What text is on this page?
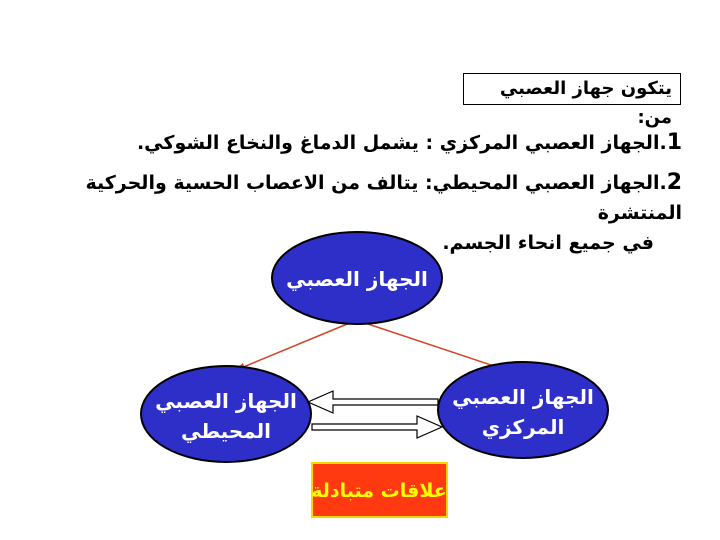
يتكون جهاز العصبي من:
1.الجهاز العصبي المركزي : يشمل الدماغ والنخاع الشوكي.
2.الجهاز العصبي المحيطي: يتالف من الاعصاب الحسية والحركية المنتشرة
في جميع انحاء الجسم.
الجهاز العصبي
الجهاز العصبي
المحيطي
الجهاز العصبي
المركزي
علاقات متبادلة
